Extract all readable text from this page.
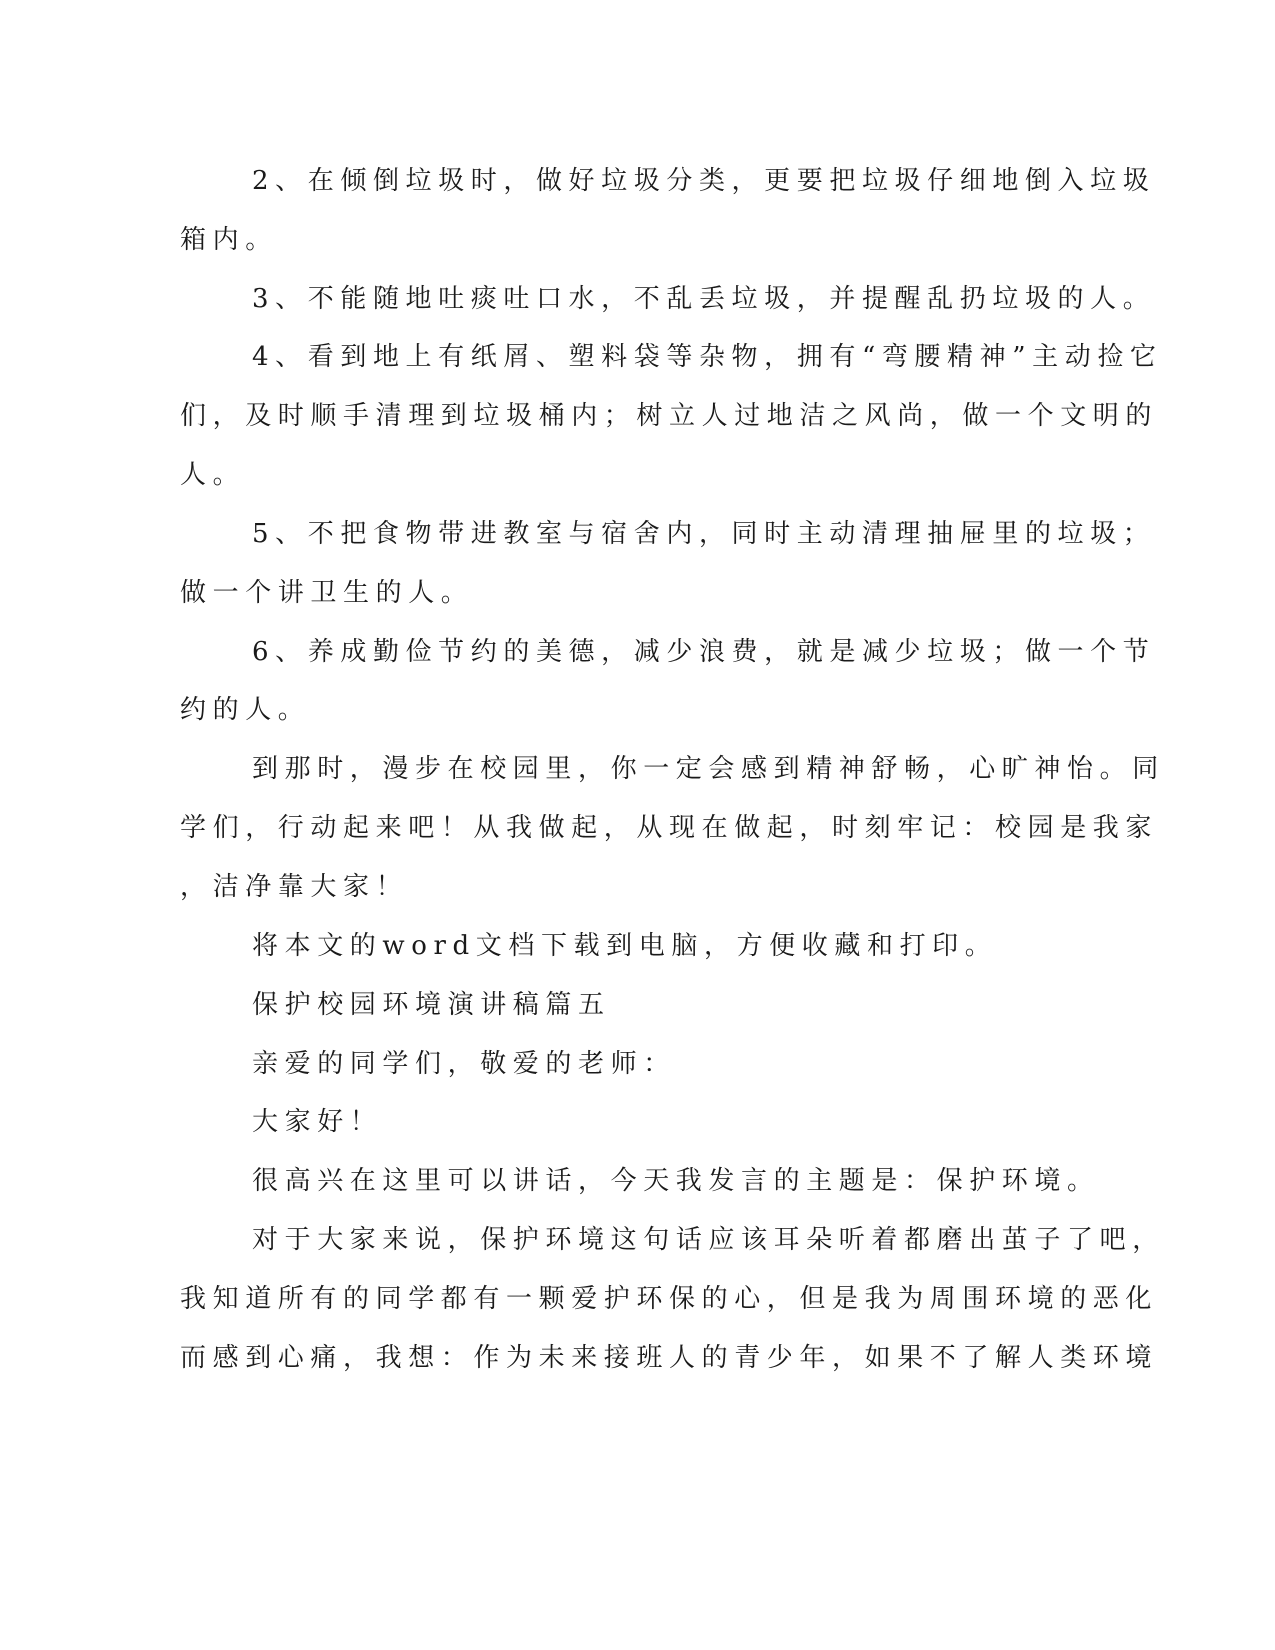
2、在倾倒垃圾时，做好垃圾分类，更要把垃圾仔细地倒入垃圾
箱内。
3、不能随地吐痰吐口水，不乱丢垃圾，并提醒乱扔垃圾的人。
4、看到地上有纸屑、塑料袋等杂物，拥有“弯腰精神”主动捡它
们，及时顺手清理到垃圾桶内；树立人过地洁之风尚，做一个文明的
人。
5、不把食物带进教室与宿舍内，同时主动清理抽屉里的垃圾；
做一个讲卫生的人。
6、养成勤俭节约的美德，减少浪费，就是减少垃圾；做一个节
约的人。
到那时，漫步在校园里，你一定会感到精神舒畅，心旷神怡。同
学们，行动起来吧！从我做起，从现在做起，时刻牢记：校园是我家
，洁净靠大家！
将本文的word文档下载到电脑，方便收藏和打印。
保护校园环境演讲稿篇五
亲爱的同学们，敬爱的老师：
大家好！
很高兴在这里可以讲话，今天我发言的主题是：保护环境。
对于大家来说，保护环境这句话应该耳朵听着都磨出茧子了吧，
我知道所有的同学都有一颗爱护环保的心，但是我为周围环境的恶化
而感到心痛，我想：作为未来接班人的青少年，如果不了解人类环境
